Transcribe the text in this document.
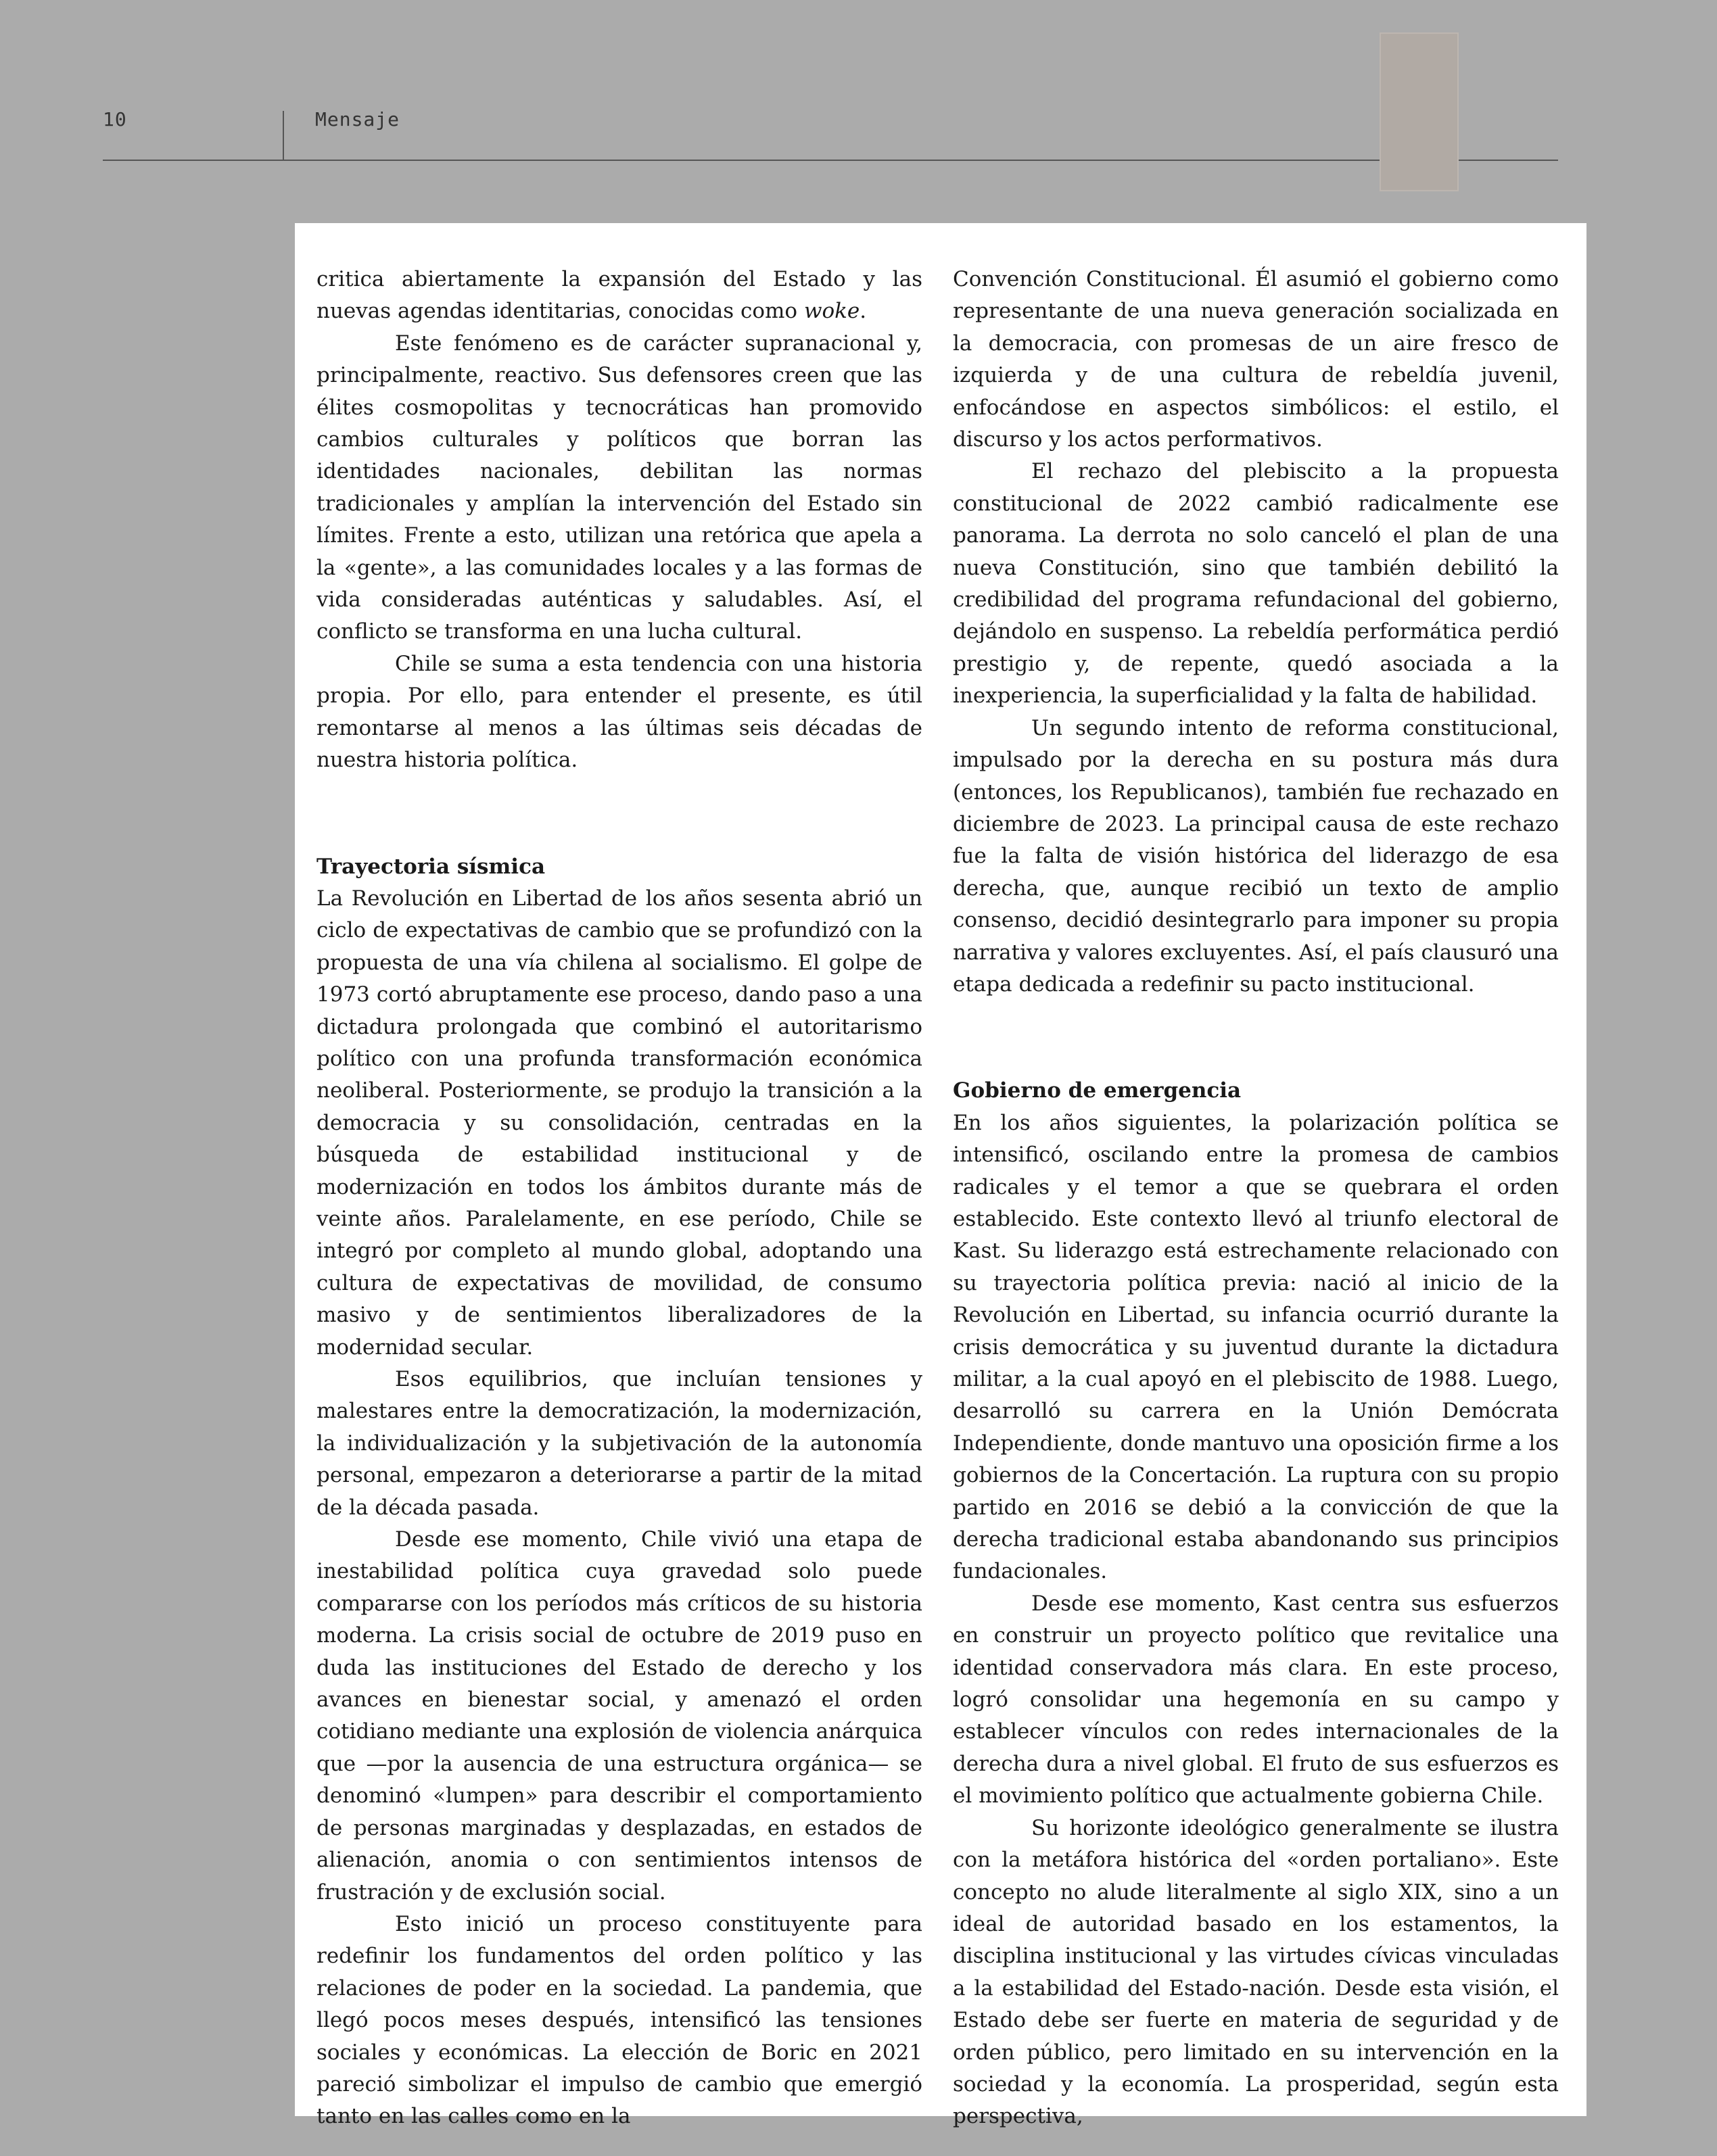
10	Mensaje

critica abiertamente la expansión del Estado y las nuevas agendas identitarias, conocidas como woke.

Este fenómeno es de carácter supranacional y, principalmente, reactivo. Sus defensores creen que las élites cosmopolitas y tecnocráticas han promovido cambios culturales y políticos que borran las identidades nacionales, debilitan las normas tradicionales y amplían la intervención del Estado sin límites. Frente a esto, utilizan una retórica que apela a la «gente», a las comunidades locales y a las formas de vida consideradas auténticas y saludables. Así, el conflicto se transforma en una lucha cultural.

Chile se suma a esta tendencia con una historia propia. Por ello, para entender el presente, es útil remontarse al menos a las últimas seis décadas de nuestra historia política.

Trayectoria sísmica

La Revolución en Libertad de los años sesenta abrió un ciclo de expectativas de cambio que se profundizó con la propuesta de una vía chilena al socialismo. El golpe de 1973 cortó abruptamente ese proceso, dando paso a una dictadura prolongada que combinó el autoritarismo político con una profunda transformación económica neoliberal. Posteriormente, se produjo la transición a la democracia y su consolidación, centradas en la búsqueda de estabilidad institucional y de modernización en todos los ámbitos durante más de veinte años. Paralelamente, en ese período, Chile se integró por completo al mundo global, adoptando una cultura de expectativas de movilidad, de consumo masivo y de sentimientos liberalizadores de la modernidad secular.

Esos equilibrios, que incluían tensiones y malestares entre la democratización, la modernización, la individualización y la subjetivación de la autonomía personal, empezaron a deteriorarse a partir de la mitad de la década pasada.

Desde ese momento, Chile vivió una etapa de inestabilidad política cuya gravedad solo puede compararse con los períodos más críticos de su historia moderna. La crisis social de octubre de 2019 puso en duda las instituciones del Estado de derecho y los avances en bienestar social, y amenazó el orden cotidiano mediante una explosión de violencia anárquica que —por la ausencia de una estructura orgánica— se denominó «lumpen» para describir el comportamiento de personas marginadas y desplazadas, en estados de alienación, anomia o con sentimientos intensos de frustración y de exclusión social.

Esto inició un proceso constituyente para redefinir los fundamentos del orden político y las relaciones de poder en la sociedad. La pandemia, que llegó pocos meses después, intensificó las tensiones sociales y económicas. La elección de Boric en 2021 pareció simbolizar el impulso de cambio que emergió tanto en las calles como en la

Convención Constitucional. Él asumió el gobierno como representante de una nueva generación socializada en la democracia, con promesas de un aire fresco de izquierda y de una cultura de rebeldía juvenil, enfocándose en aspectos simbólicos: el estilo, el discurso y los actos performativos.

El rechazo del plebiscito a la propuesta constitucional de 2022 cambió radicalmente ese panorama. La derrota no solo canceló el plan de una nueva Constitución, sino que también debilitó la credibilidad del programa refundacional del gobierno, dejándolo en suspenso. La rebeldía performática perdió prestigio y, de repente, quedó asociada a la inexperiencia, la superficialidad y la falta de habilidad.

Un segundo intento de reforma constitucional, impulsado por la derecha en su postura más dura (entonces, los Republicanos), también fue rechazado en diciembre de 2023. La principal causa de este rechazo fue la falta de visión histórica del liderazgo de esa derecha, que, aunque recibió un texto de amplio consenso, decidió desintegrarlo para imponer su propia narrativa y valores excluyentes. Así, el país clausuró una etapa dedicada a redefinir su pacto institucional.

Gobierno de emergencia

En los años siguientes, la polarización política se intensificó, oscilando entre la promesa de cambios radicales y el temor a que se quebrara el orden establecido. Este contexto llevó al triunfo electoral de Kast. Su liderazgo está estrechamente relacionado con su trayectoria política previa: nació al inicio de la Revolución en Libertad, su infancia ocurrió durante la crisis democrática y su juventud durante la dictadura militar, a la cual apoyó en el plebiscito de 1988. Luego, desarrolló su carrera en la Unión Demócrata Independiente, donde mantuvo una oposición firme a los gobiernos de la Concertación. La ruptura con su propio partido en 2016 se debió a la convicción de que la derecha tradicional estaba abandonando sus principios fundacionales.

Desde ese momento, Kast centra sus esfuerzos en construir un proyecto político que revitalice una identidad conservadora más clara. En este proceso, logró consolidar una hegemonía en su campo y establecer vínculos con redes internacionales de la derecha dura a nivel global. El fruto de sus esfuerzos es el movimiento político que actualmente gobierna Chile.

Su horizonte ideológico generalmente se ilustra con la metáfora histórica del «orden portaliano». Este concepto no alude literalmente al siglo XIX, sino a un ideal de autoridad basado en los estamentos, la disciplina institucional y las virtudes cívicas vinculadas a la estabilidad del Estado-nación. Desde esta visión, el Estado debe ser fuerte en materia de seguridad y de orden público, pero limitado en su intervención en la sociedad y la economía. La prosperidad, según esta perspectiva,
